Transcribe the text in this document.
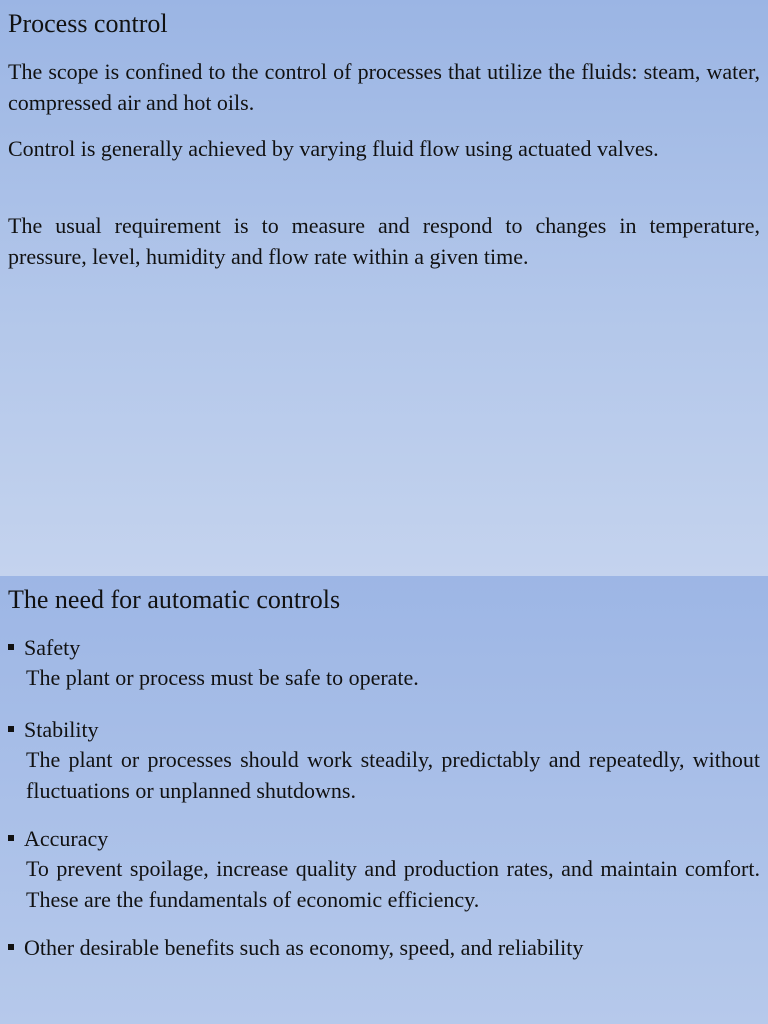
Process control

The scope is confined to the control of processes that utilize the fluids: steam, water, compressed air and hot oils.

Control is generally achieved by varying fluid flow using actuated valves.

The usual requirement is to measure and respond to changes in temperature, pressure, level, humidity and flow rate within a given time.

The need for automatic controls
Safety
The plant or process must be safe to operate.
Stability
The plant or processes should work steadily, predictably and repeatedly, without fluctuations or unplanned shutdowns.
Accuracy
To prevent spoilage, increase quality and production rates, and maintain comfort. These are the fundamentals of economic efficiency.
Other desirable benefits such as economy, speed, and reliability
